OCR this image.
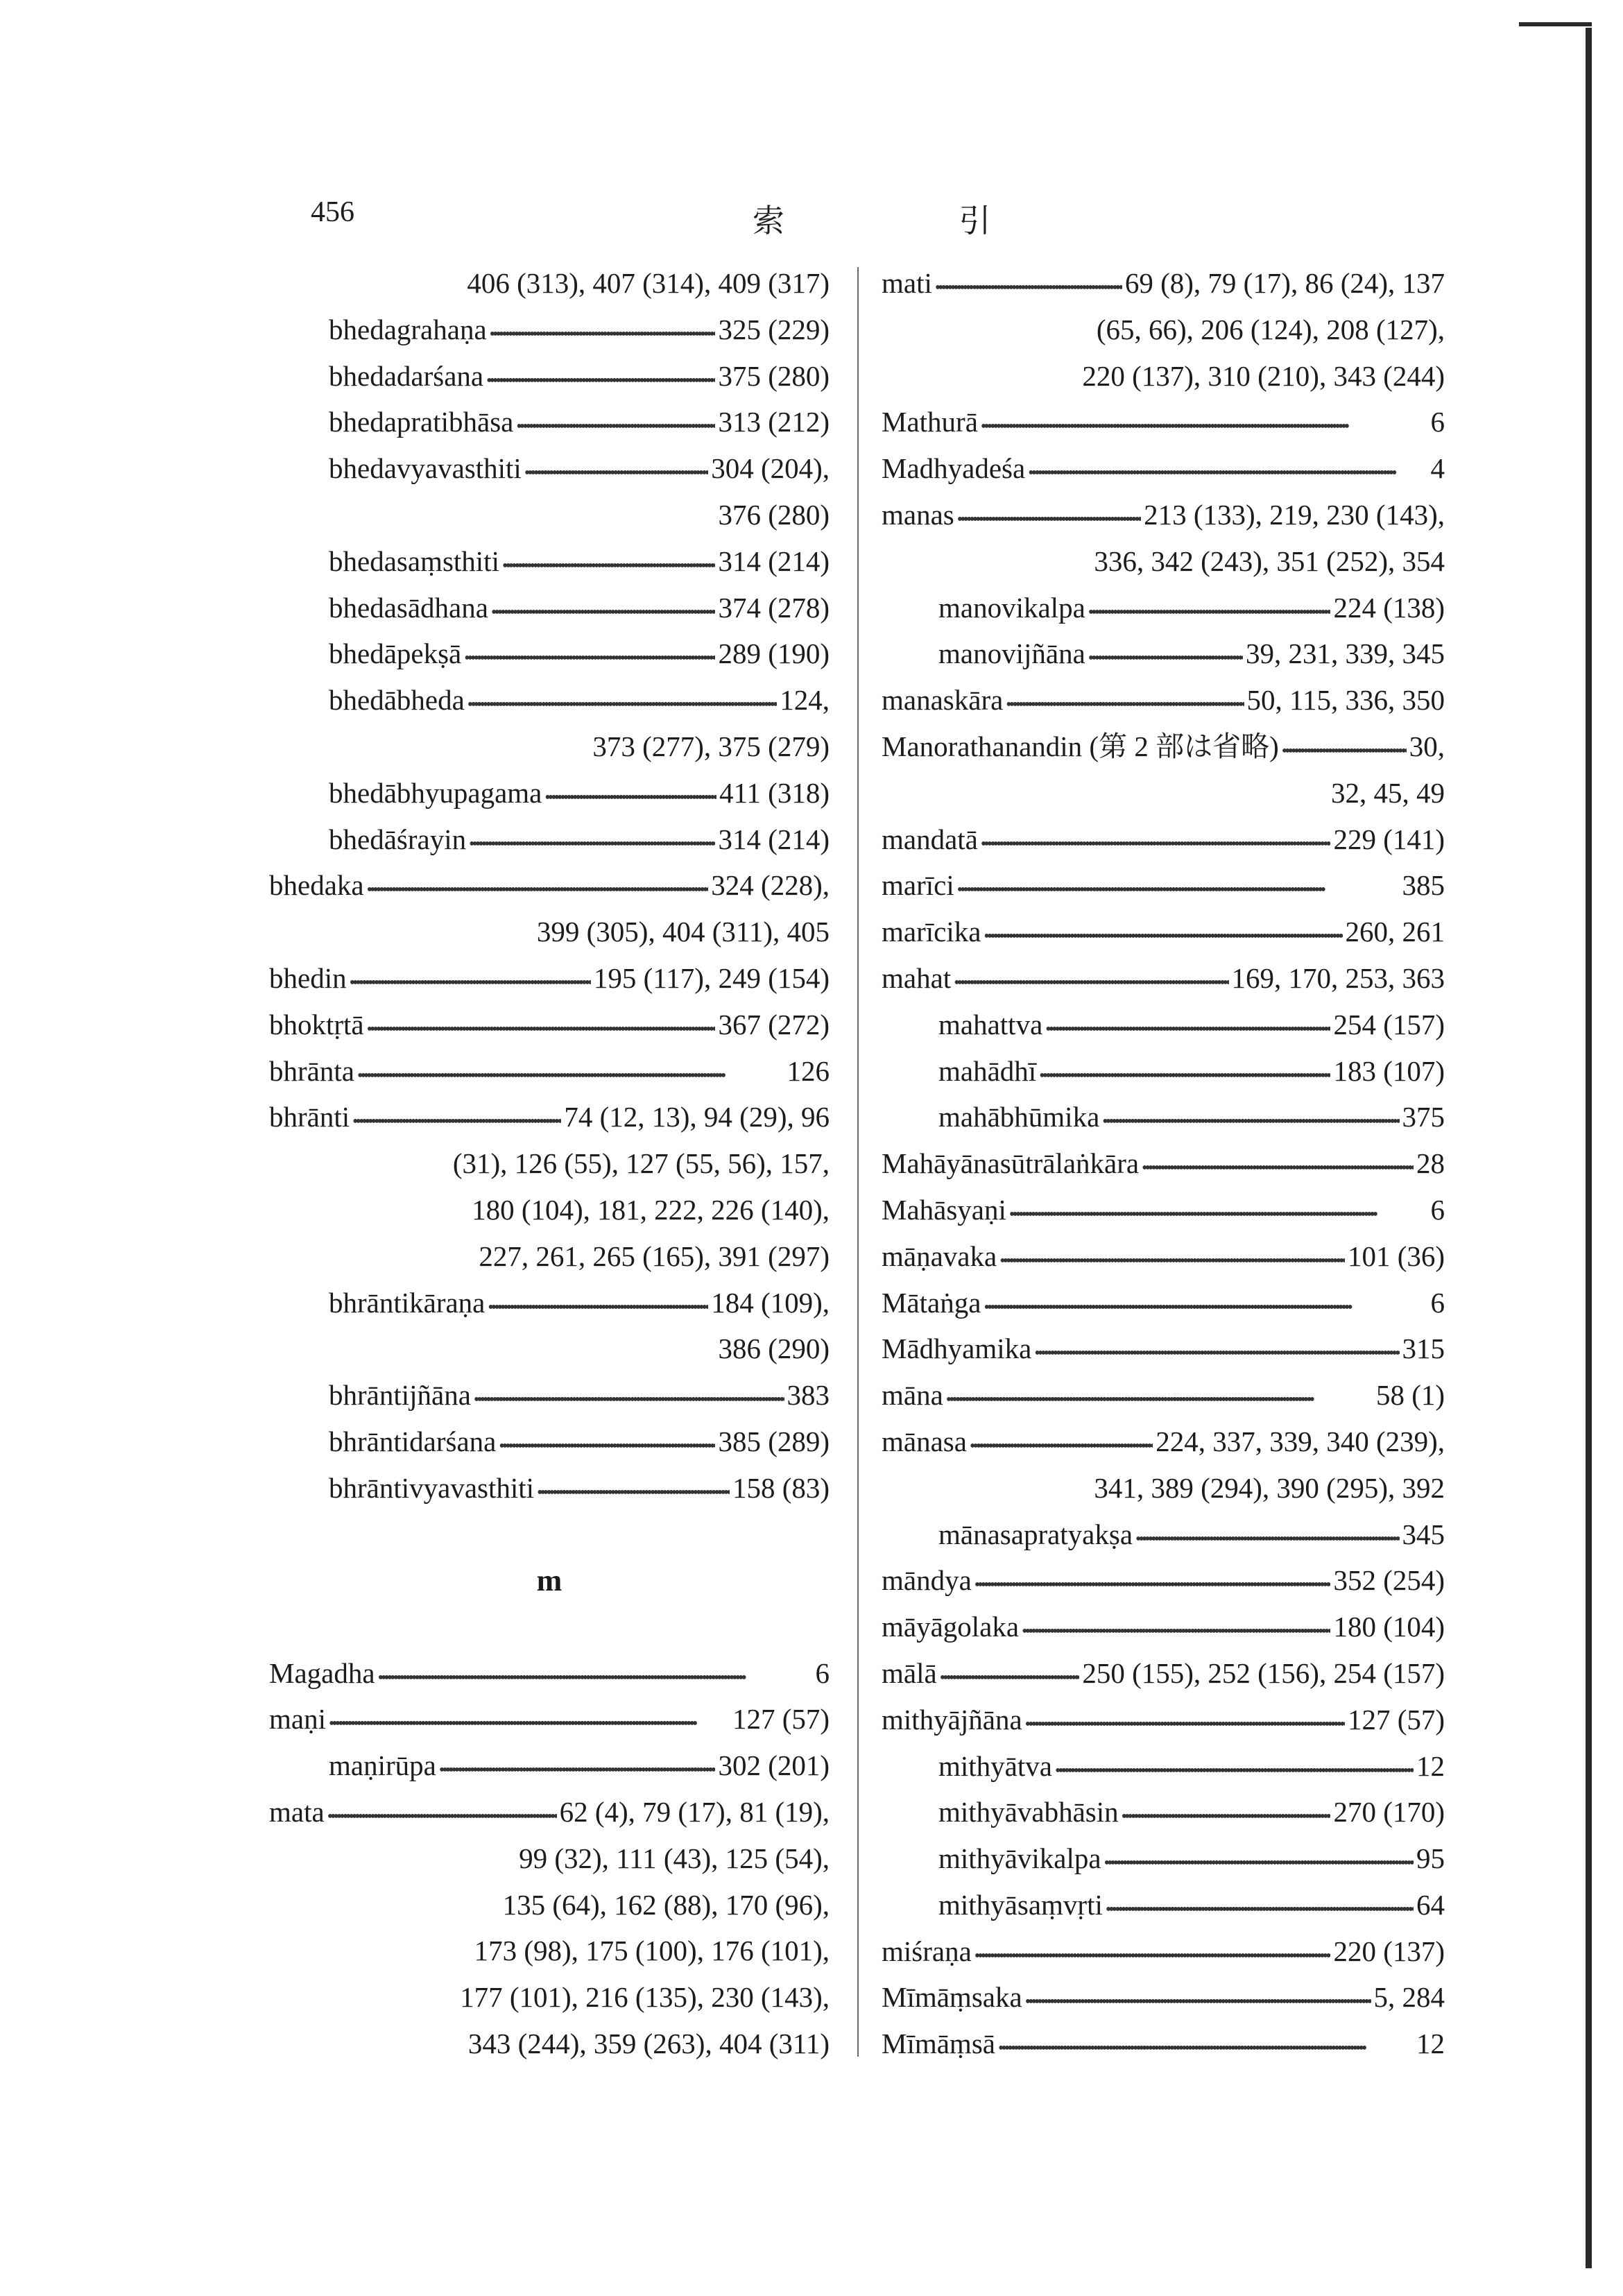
456	索 引
406 (313), 407 (314), 409 (317)
bhedagrahaṇa •••••	325 (229)
bhedadarśana •••••	375 (280)
bhedapratibhāsa •••••	313 (212)
bhedavyavasthiti •••••	304 (204),
376 (280)
bhedasaṃsthiti •••••	314 (214)
bhedasādhana •••••	374 (278)
bhedāpekṣā •••••	289 (190)
bhedābheda •••••	124,
373 (277), 375 (279)
bhedābhyupagama •••••	411 (318)
bhedāśrayin •••••	314 (214)
bhedaka •••••	324 (228),
399 (305), 404 (311), 405
bhedin •••••	195 (117), 249 (154)
bhoktṛtā •••••	367 (272)
bhrānta •••••	126
bhrānti •••••	74 (12, 13), 94 (29), 96
(31), 126 (55), 127 (55, 56), 157,
180 (104), 181, 222, 226 (140),
227, 261, 265 (165), 391 (297)
bhrāntikāraṇa •••••	184 (109),
386 (290)
bhrāntijñāna •••••	383
bhrāntidarśana •••••	385 (289)
bhrāntivyavasthiti •••••	158 (83)
m
Magadha •••••	6
maṇi •••••	127 (57)
maṇirūpa •••••	302 (201)
mata •••••	62 (4), 79 (17), 81 (19),
99 (32), 111 (43), 125 (54),
135 (64), 162 (88), 170 (96),
173 (98), 175 (100), 176 (101),
177 (101), 216 (135), 230 (143),
343 (244), 359 (263), 404 (311)
mati •••••	69 (8), 79 (17), 86 (24), 137
(65, 66), 206 (124), 208 (127),
220 (137), 310 (210), 343 (244)
Mathurā •••••	6
Madhyadeśa •••••	4
manas •••••	213 (133), 219, 230 (143),
336, 342 (243), 351 (252), 354
manovikalpa •••••	224 (138)
manovijñāna •••••	39, 231, 339, 345
manaskāra •••••	50, 115, 336, 350
Manorathanandin (第 2 部は省略) •••••	30,
32, 45, 49
mandatā •••••	229 (141)
marīci •••••	385
marīcika •••••	260, 261
mahat •••••	169, 170, 253, 363
mahattva •••••	254 (157)
mahādhī •••••	183 (107)
mahābhūmika •••••	375
Mahāyānasūtrālaṅkāra •••••	28
Mahāsyaṇi •••••	6
māṇavaka •••••	101 (36)
Mātaṅga •••••	6
Mādhyamika •••••	315
māna •••••	58 (1)
mānasa •••••	224, 337, 339, 340 (239),
341, 389 (294), 390 (295), 392
mānasapratyakṣa •••••	345
māndya •••••	352 (254)
māyāgolaka •••••	180 (104)
mālā •••••	250 (155), 252 (156), 254 (157)
mithyājñāna •••••	127 (57)
mithyātva •••••	12
mithyāvabhāsin •••••	270 (170)
mithyāvikalpa •••••	95
mithyāsaṃvṛti •••••	64
miśraṇa •••••	220 (137)
Mīmāṃsaka •••••	5, 284
Mīmāṃsā •••••	12
